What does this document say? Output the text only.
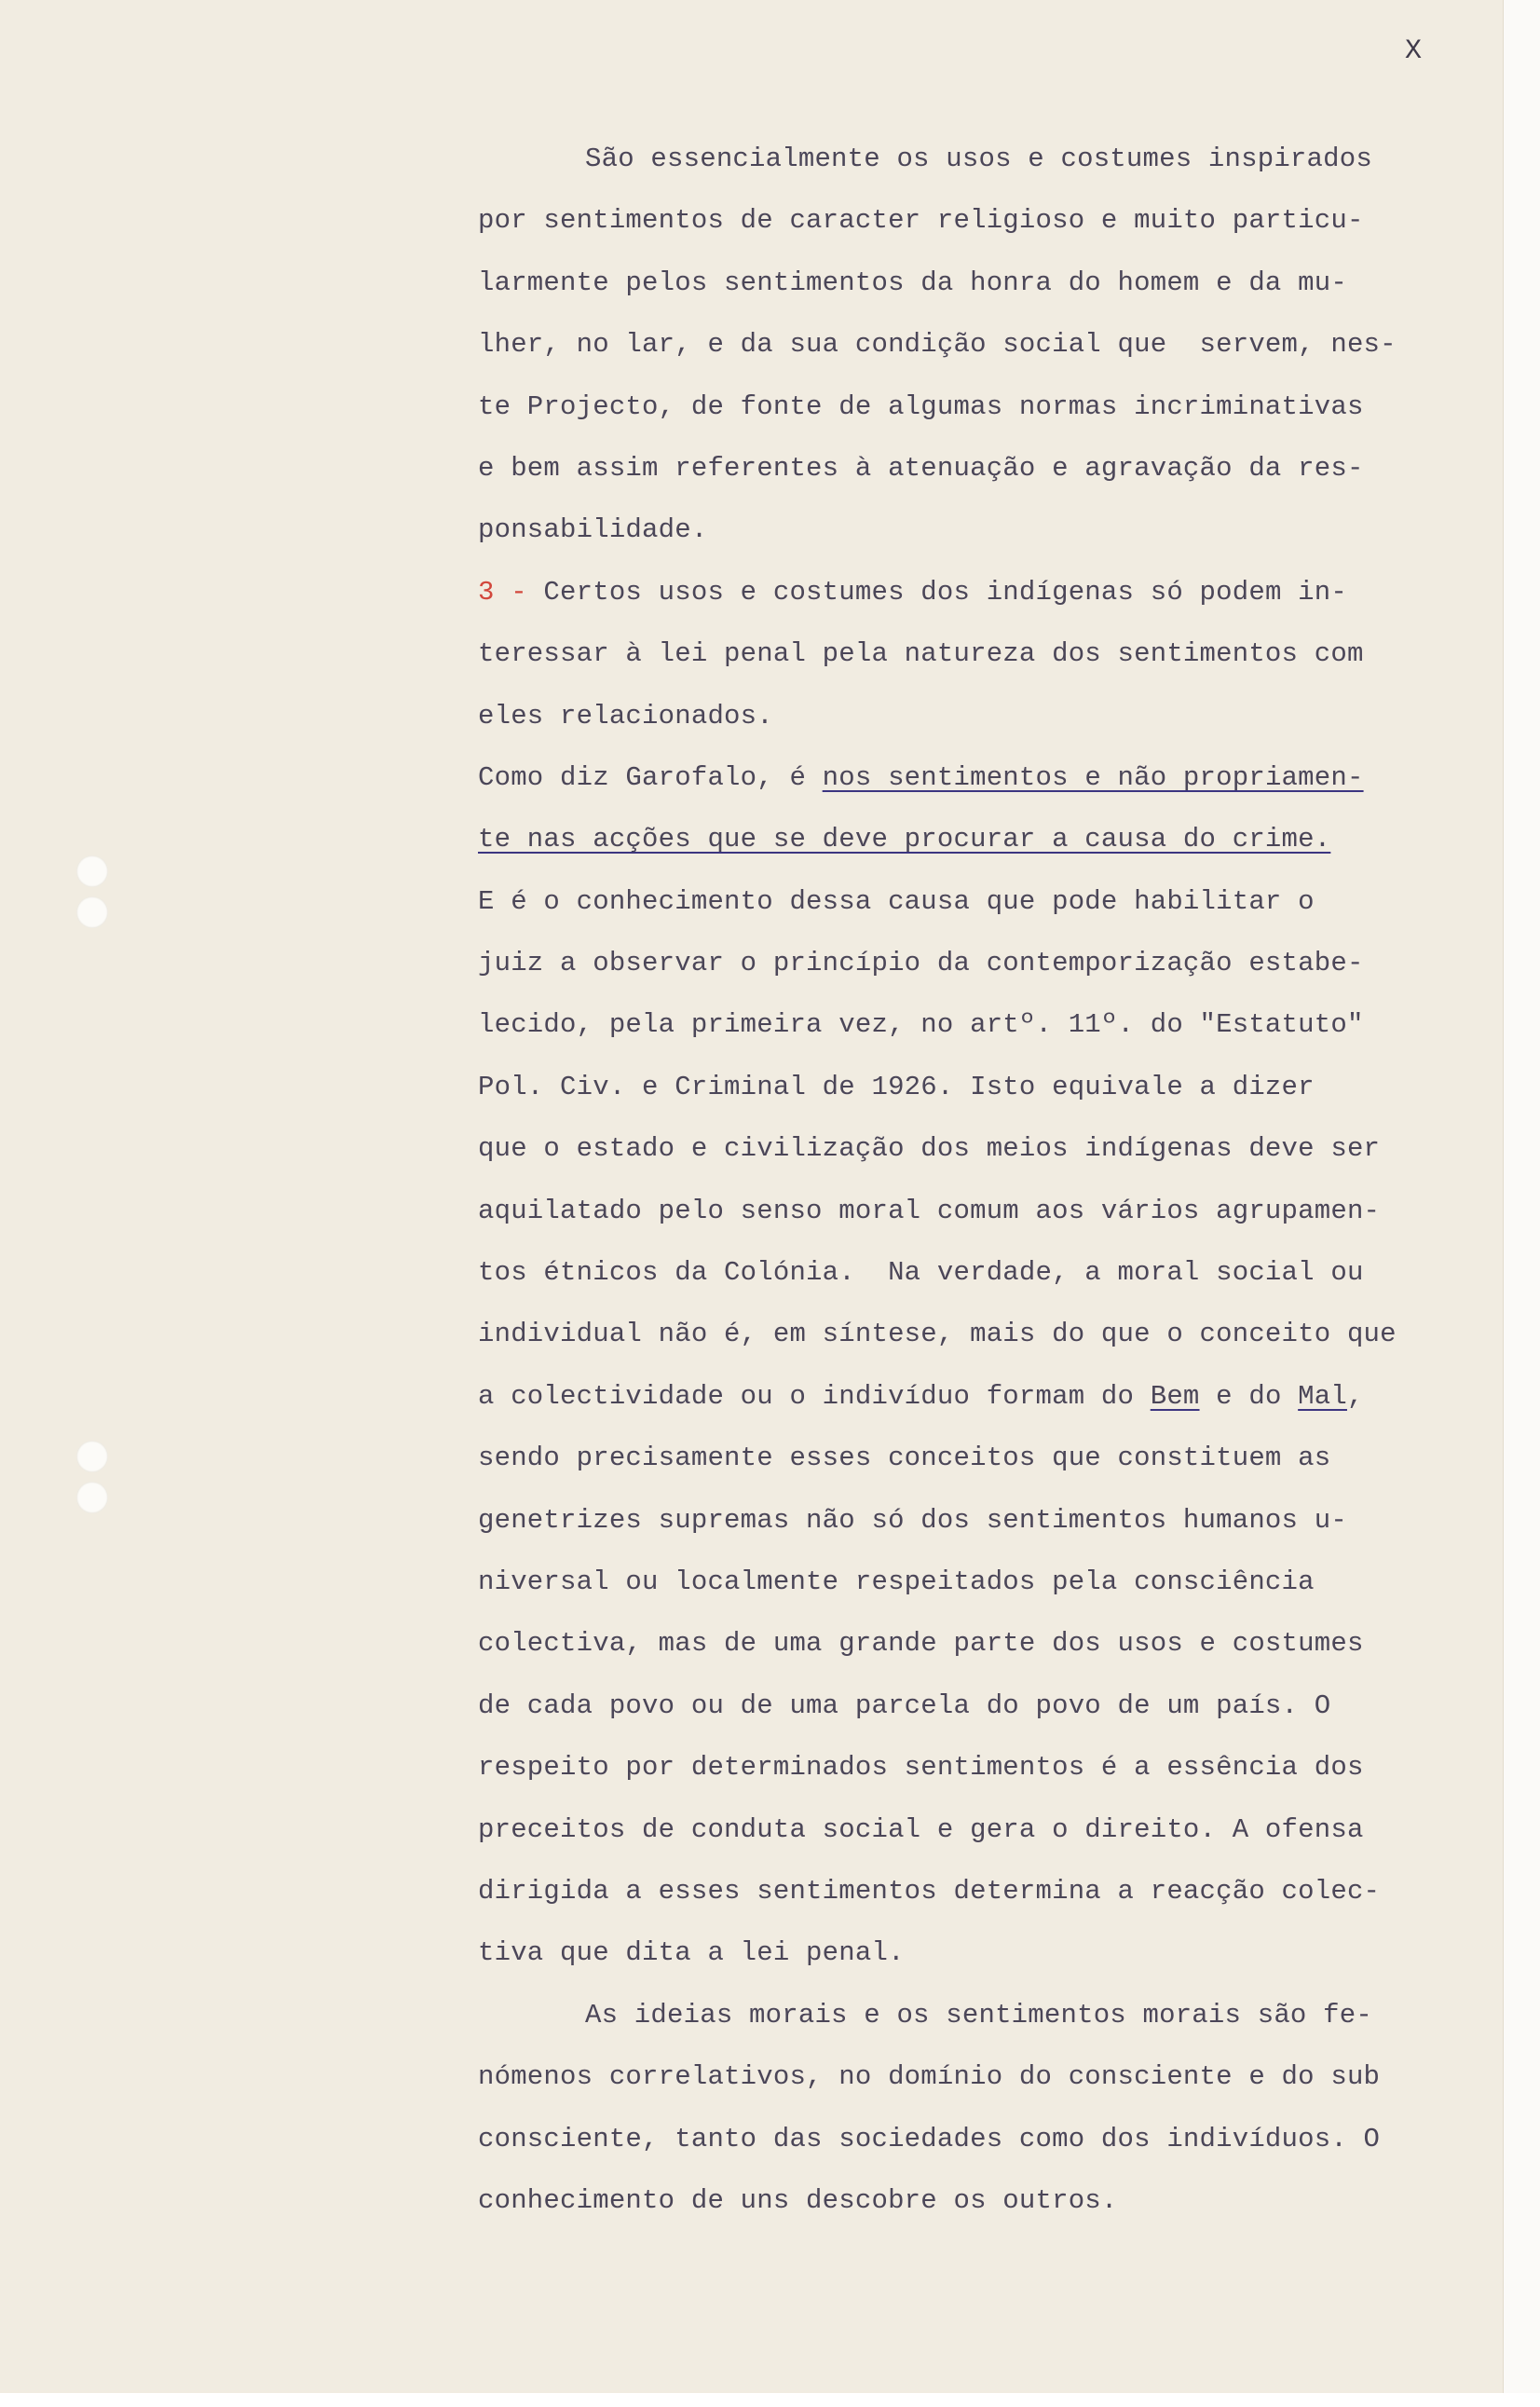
X
São essencialmente os usos e costumes inspirados
por sentimentos de caracter religioso e muito particu-
larmente pelos sentimentos da honra do homem e da mu-
lher, no lar, e da sua condição social que  servem, nes-
te Projecto, de fonte de algumas normas incriminativas
e bem assim referentes à atenuação e agravação da res-
ponsabilidade.
3 - Certos usos e costumes dos indígenas só podem in-
teressar à lei penal pela natureza dos sentimentos com
eles relacionados.
Como diz Garofalo, é nos sentimentos e não propriamen-
te nas acções que se deve procurar a causa do crime.
E é o conhecimento dessa causa que pode habilitar o
juiz a observar o princípio da contemporização estabe-
lecido, pela primeira vez, no artº. 11º. do "Estatuto"
Pol. Civ. e Criminal de 1926. Isto equivale a dizer
que o estado e civilização dos meios indígenas deve ser
aquilatado pelo senso moral comum aos vários agrupamen-
tos étnicos da Colónia.  Na verdade, a moral social ou
individual não é, em síntese, mais do que o conceito que
a colectividade ou o indivíduo formam do Bem e do Mal,
sendo precisamente esses conceitos que constituem as
genetrizes supremas não só dos sentimentos humanos u-
niversal ou localmente respeitados pela consciência
colectiva, mas de uma grande parte dos usos e costumes
de cada povo ou de uma parcela do povo de um país. O
respeito por determinados sentimentos é a essência dos
preceitos de conduta social e gera o direito. A ofensa
dirigida a esses sentimentos determina a reacção colec-
tiva que dita a lei penal.
As ideias morais e os sentimentos morais são fe-
nómenos correlativos, no domínio do consciente e do sub
consciente, tanto das sociedades como dos indivíduos. O
conhecimento de uns descobre os outros.
